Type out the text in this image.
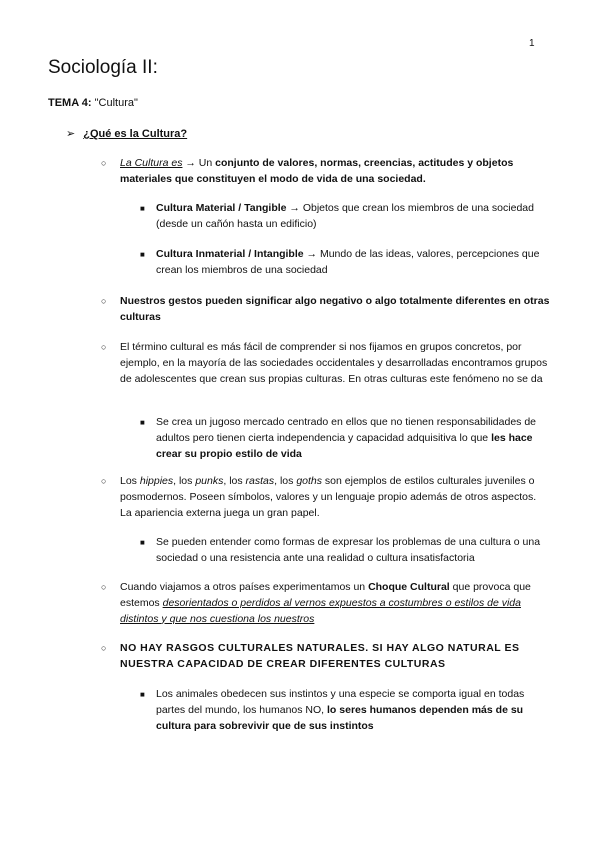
1
Sociología II:
TEMA 4: "Cultura"
➢ ¿Qué es la Cultura?
○ La Cultura es → Un conjunto de valores, normas, creencias, actitudes y objetos materiales que constituyen el modo de vida de una sociedad.
■ Cultura Material / Tangible → Objetos que crean los miembros de una sociedad (desde un cañón hasta un edificio)
■ Cultura Inmaterial / Intangible → Mundo de las ideas, valores, percepciones que crean los miembros de una sociedad
○ Nuestros gestos pueden significar algo negativo o algo totalmente diferentes en otras culturas
○ El término cultural es más fácil de comprender si nos fijamos en grupos concretos, por ejemplo, en la mayoría de las sociedades occidentales y desarrolladas encontramos grupos de adolescentes que crean sus propias culturas. En otras culturas este fenómeno no se da
■ Se crea un jugoso mercado centrado en ellos que no tienen responsabilidades de adultos pero tienen cierta independencia y capacidad adquisitiva lo que les hace crear su propio estilo de vida
○ Los hippies, los punks, los rastas, los goths son ejemplos de estilos culturales juveniles o posmodernos. Poseen símbolos, valores y un lenguaje propio además de otros aspectos. La apariencia externa juega un gran papel.
■ Se pueden entender como formas de expresar los problemas de una cultura o una sociedad o una resistencia ante una realidad o cultura insatisfactoria
○ Cuando viajamos a otros países experimentamos un Choque Cultural que provoca que estemos desorientados o perdidos al vernos expuestos a costumbres o estilos de vida distintos y que nos cuestiona los nuestros
○ NO HAY RASGOS CULTURALES NATURALES. SI HAY ALGO NATURAL ES NUESTRA CAPACIDAD DE CREAR DIFERENTES CULTURAS
■ Los animales obedecen sus instintos y una especie se comporta igual en todas partes del mundo, los humanos NO, lo seres humanos dependen más de su cultura para sobrevivir que de sus instintos
